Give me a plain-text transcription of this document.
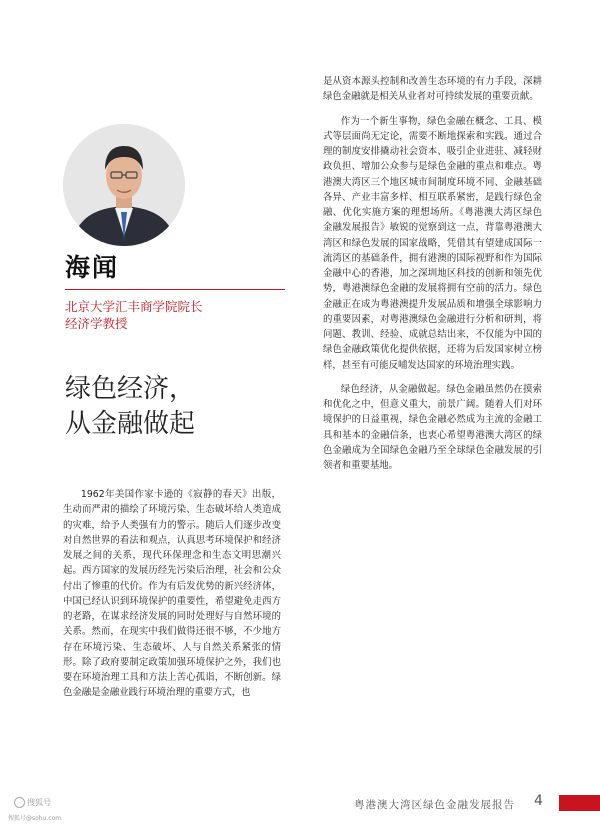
海闻
北京大学汇丰商学院院长
经济学教授
绿色经济，
从金融做起

1962年美国作家卡逊的《寂静的春天》出版，生动而严肃的描绘了环境污染、生态破坏给人类造成的灾难，给予人类强有力的警示。随后人们逐步改变对自然世界的看法和观点，认真思考环境保护和经济发展之间的关系，现代环保理念和生态文明思潮兴起。西方国家的发展历经先污染后治理，社会和公众付出了惨重的代价。作为有后发优势的新兴经济体，中国已经认识到环境保护的重要性，希望避免走西方的老路，在谋求经济发展的同时处理好与自然环境的关系。然而，在现实中我们做得还很不够，不少地方存在环境污染、生态破坏、人与自然关系紧张的情形。除了政府要制定政策加强环境保护之外，我们也要在环境治理工具和方法上苦心孤诣，不断创新。绿色金融是金融业践行环境治理的重要方式，也

是从资本源头控制和改善生态环境的有力手段，深耕绿色金融就是相关从业者对可持续发展的重要贡献。

作为一个新生事物，绿色金融在概念、工具、模式等层面尚无定论，需要不断地探索和实践。通过合理的制度安排撬动社会资本、吸引企业进驻、减轻财政负担、增加公众参与是绿色金融的重点和难点。粤港澳大湾区三个地区城市间制度环境不同、金融基础各异、产业丰富多样、相互联系紧密，是践行绿色金融、优化实施方案的理想场所。《粤港澳大湾区绿色金融发展报告》敏锐的觉察到这一点，背靠粤港澳大湾区和绿色发展的国家战略，凭借其有望建成国际一流湾区的基础条件，拥有港澳的国际视野和作为国际金融中心的香港，加之深圳地区科技的创新和领先优势，粤港澳绿色金融的发展将拥有空前的活力。绿色金融正在成为粤港澳提升发展品质和增强全球影响力的重要因素，对粤港澳绿色金融进行分析和研判，将问题、教训、经验、成就总结出来，不仅能为中国的绿色金融政策优化提供依据，还将为后发国家树立榜样，甚至有可能反哺发达国家的环境治理实践。

绿色经济，从金融做起。绿色金融虽然仍在摸索和优化之中，但意义重大，前景广阔。随着人们对环境保护的日益重视，绿色金融必然成为主流的金融工具和基本的金融信条，也衷心希望粤港澳大湾区的绿色金融成为全国绿色金融乃至全球绿色金融发展的引领者和重要基地。

搜狐号
搜狐号@sohu.com
粤港澳大湾区绿色金融发展报告 4
